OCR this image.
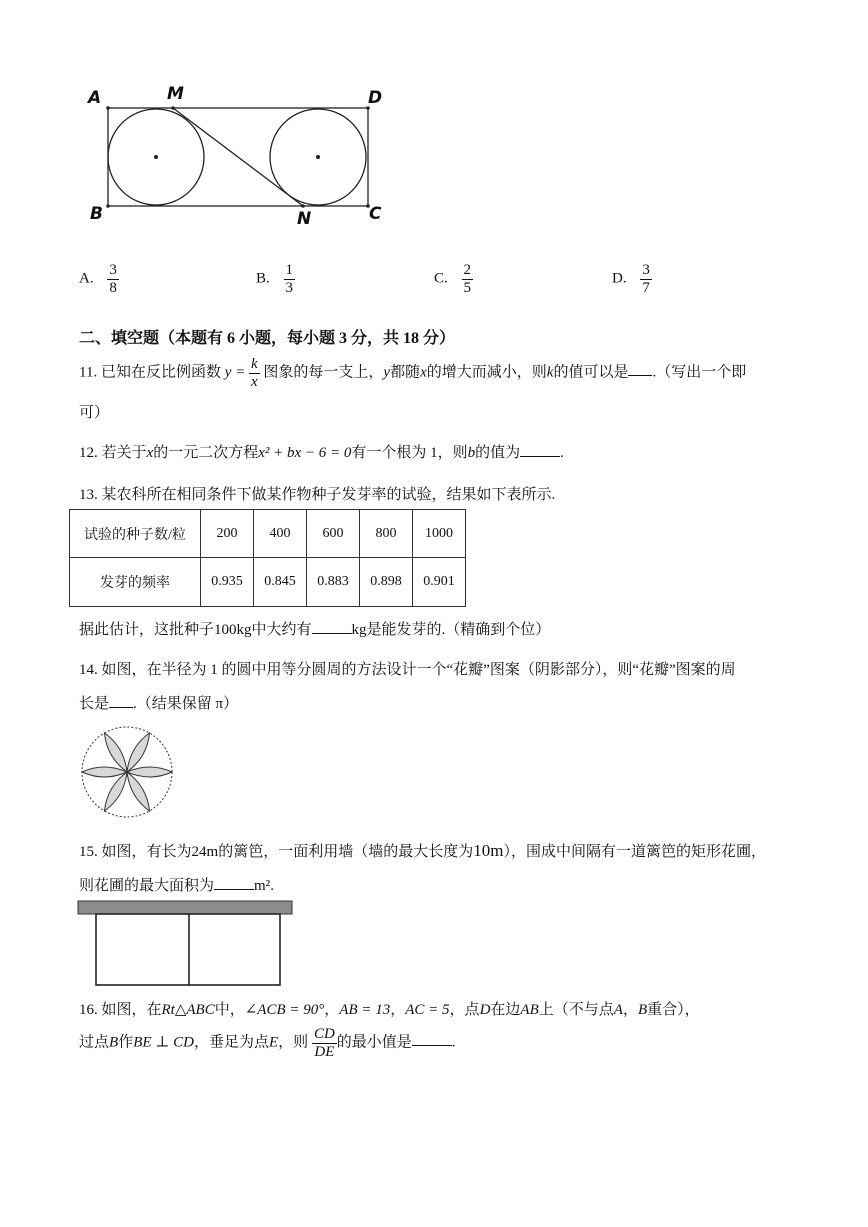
A	M	D
B	N	C
A. $\frac{3}{8}$	B. $\frac{1}{3}$	C. $\frac{2}{5}$	D. $\frac{3}{7}$
二、填空题（本题有 6 小题，每小题 3 分，共 18 分）
11. 已知在反比例函数 $y = \frac{k}{x}$ 图象的每一支上，y都随x的增大而减小，则k的值可以是 .（写出一个即
可）
12. 若关于x的一元二次方程x² + bx − 6 = 0有一个根为 1，则b的值为	.
13. 某农科所在相同条件下做某作物种子发芽率的试验，结果如下表所示.
试验的种子数/粒	200	400	600	800	1000
发芽的频率	0.935	0.845	0.883	0.898	0.901
据此估计，这批种子100kg中大约有	kg是能发芽的.（精确到个位）
14. 如图，在半径为 1 的圆中用等分圆周的方法设计一个“花瓣”图案（阴影部分），则“花瓣”图案的周
长是 .（结果保留 π）
15. 如图，有长为24m的篱笆，一面利用墙（墙的最大长度为10m），围成中间隔有一道篱笆的矩形花圃，
则花圃的最大面积为	m².
16. 如图，在Rt△ABC中，∠ACB = 90°，AB = 13，AC = 5，点D在边AB上（不与点A，B重合），
过点B作BE ⊥ CD，垂足为点E，则 $\frac{CD}{DE}$ 的最小值是	.
